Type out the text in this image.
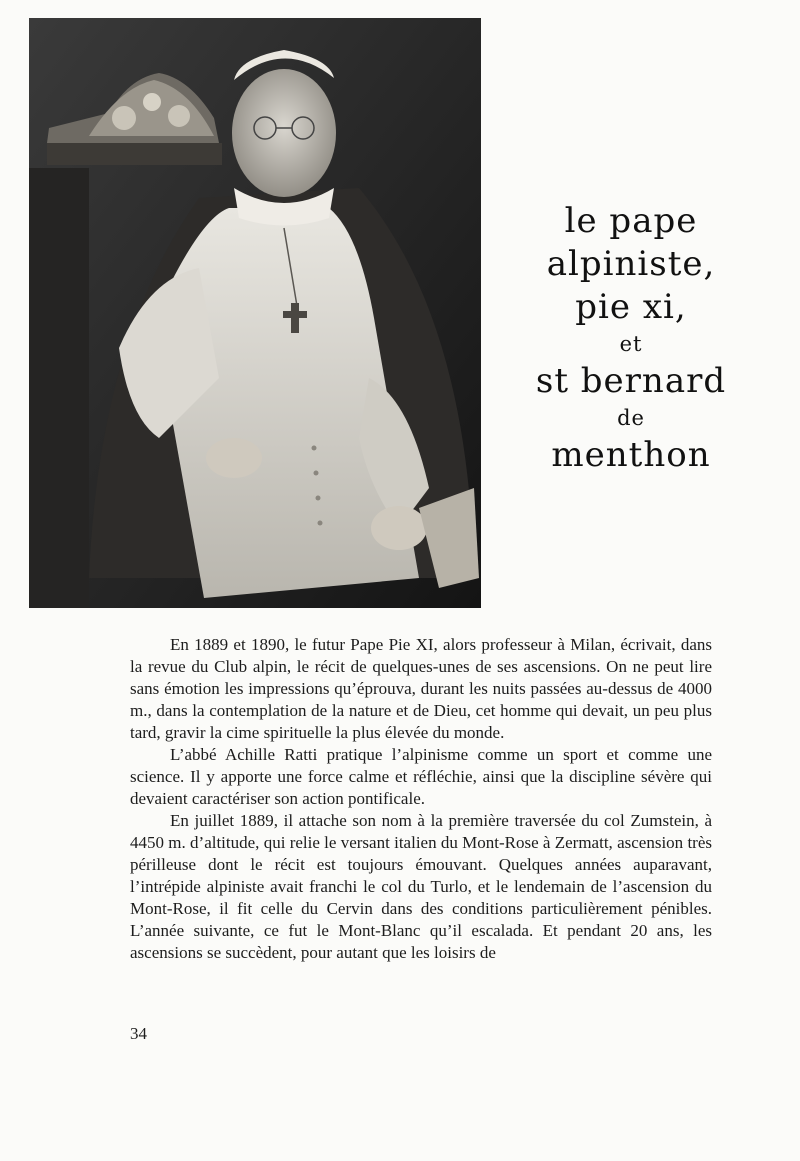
le pape
alpiniste,
pie xi,
et
st bernard
de
menthon

En 1889 et 1890, le futur Pape Pie XI, alors professeur à Milan, écrivait, dans la revue du Club alpin, le récit de quelques-unes de ses ascensions. On ne peut lire sans émotion les impressions qu’éprouva, durant les nuits passées au-dessus de 4000 m., dans la contemplation de la nature et de Dieu, cet homme qui devait, un peu plus tard, gravir la cime spirituelle la plus élevée du monde.

L’abbé Achille Ratti pratique l’alpinisme comme un sport et comme une science. Il y apporte une force calme et réfléchie, ainsi que la discipline sévère qui devaient caractériser son action pontificale.

En juillet 1889, il attache son nom à la première traversée du col Zumstein, à 4450 m. d’altitude, qui relie le versant italien du Mont-Rose à Zermatt, ascension très périlleuse dont le récit est toujours émouvant. Quelques années auparavant, l’intrépide alpiniste avait franchi le col du Turlo, et le lendemain de l’ascension du Mont-Rose, il fit celle du Cervin dans des conditions particulièrement pénibles. L’année suivante, ce fut le Mont-Blanc qu’il escalada. Et pendant 20 ans, les ascensions se succèdent, pour autant que les loisirs de

34
